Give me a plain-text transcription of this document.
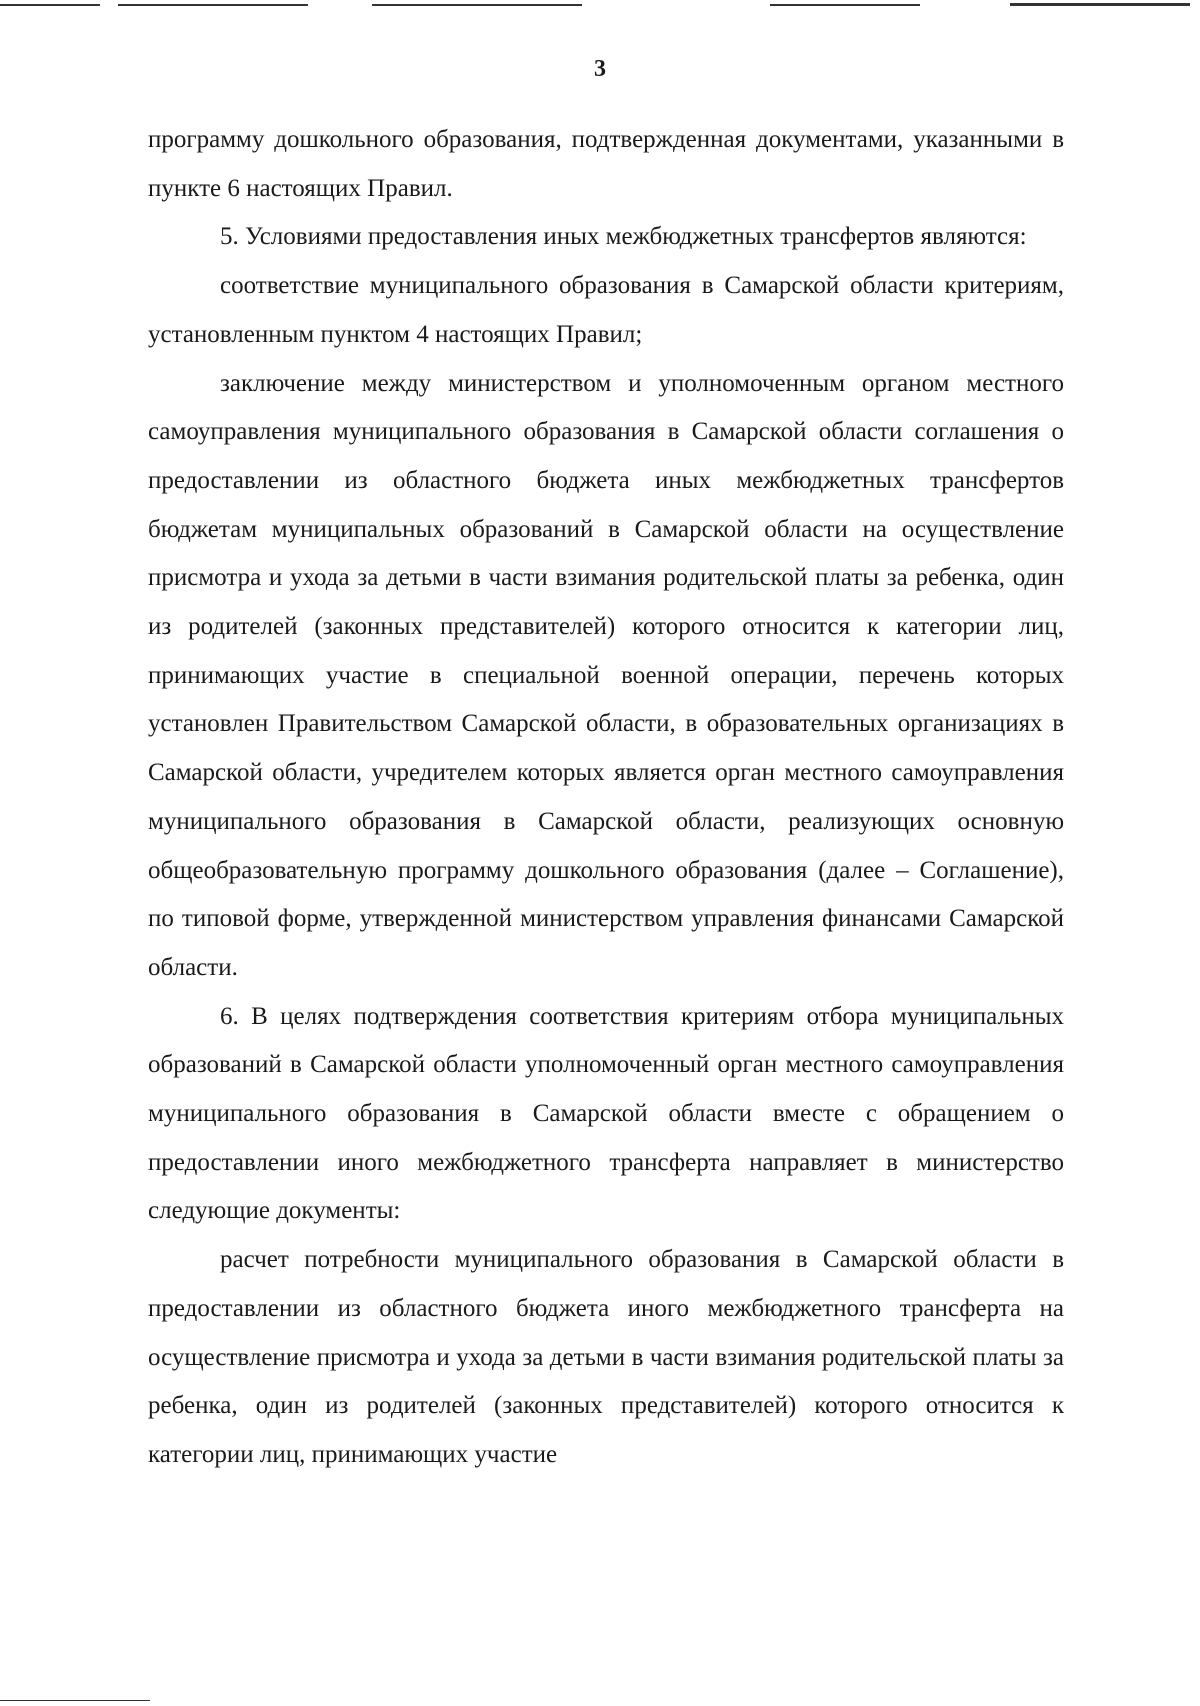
3

программу дошкольного образования, подтвержденная документами, указанными в пункте 6 настоящих Правил.

5. Условиями предоставления иных межбюджетных трансфертов являются:

соответствие муниципального образования в Самарской области критериям, установленным пунктом 4 настоящих Правил;

заключение между министерством и уполномоченным органом местного самоуправления муниципального образования в Самарской области соглашения о предоставлении из областного бюджета иных межбюджетных трансфертов бюджетам муниципальных образований в Самарской области на осуществление присмотра и ухода за детьми в части взимания родительской платы за ребенка, один из родителей (законных представителей) которого относится к категории лиц, принимающих участие в специальной военной операции, перечень которых установлен Правительством Самарской области, в образовательных организациях в Самарской области, учредителем которых является орган местного самоуправления муниципального образования в Самарской области, реализующих основную общеобразовательную программу дошкольного образования (далее – Соглашение), по типовой форме, утвержденной министерством управления финансами Самарской области.

6. В целях подтверждения соответствия критериям отбора муниципальных образований в Самарской области уполномоченный орган местного самоуправления муниципального образования в Самарской области вместе с обращением о предоставлении иного межбюджетного трансферта направляет в министерство следующие документы:

расчет потребности муниципального образования в Самарской области в предоставлении из областного бюджета иного межбюджетного трансферта на осуществление присмотра и ухода за детьми в части взимания родительской платы за ребенка, один из родителей (законных представителей) которого относится к категории лиц, принимающих участие
